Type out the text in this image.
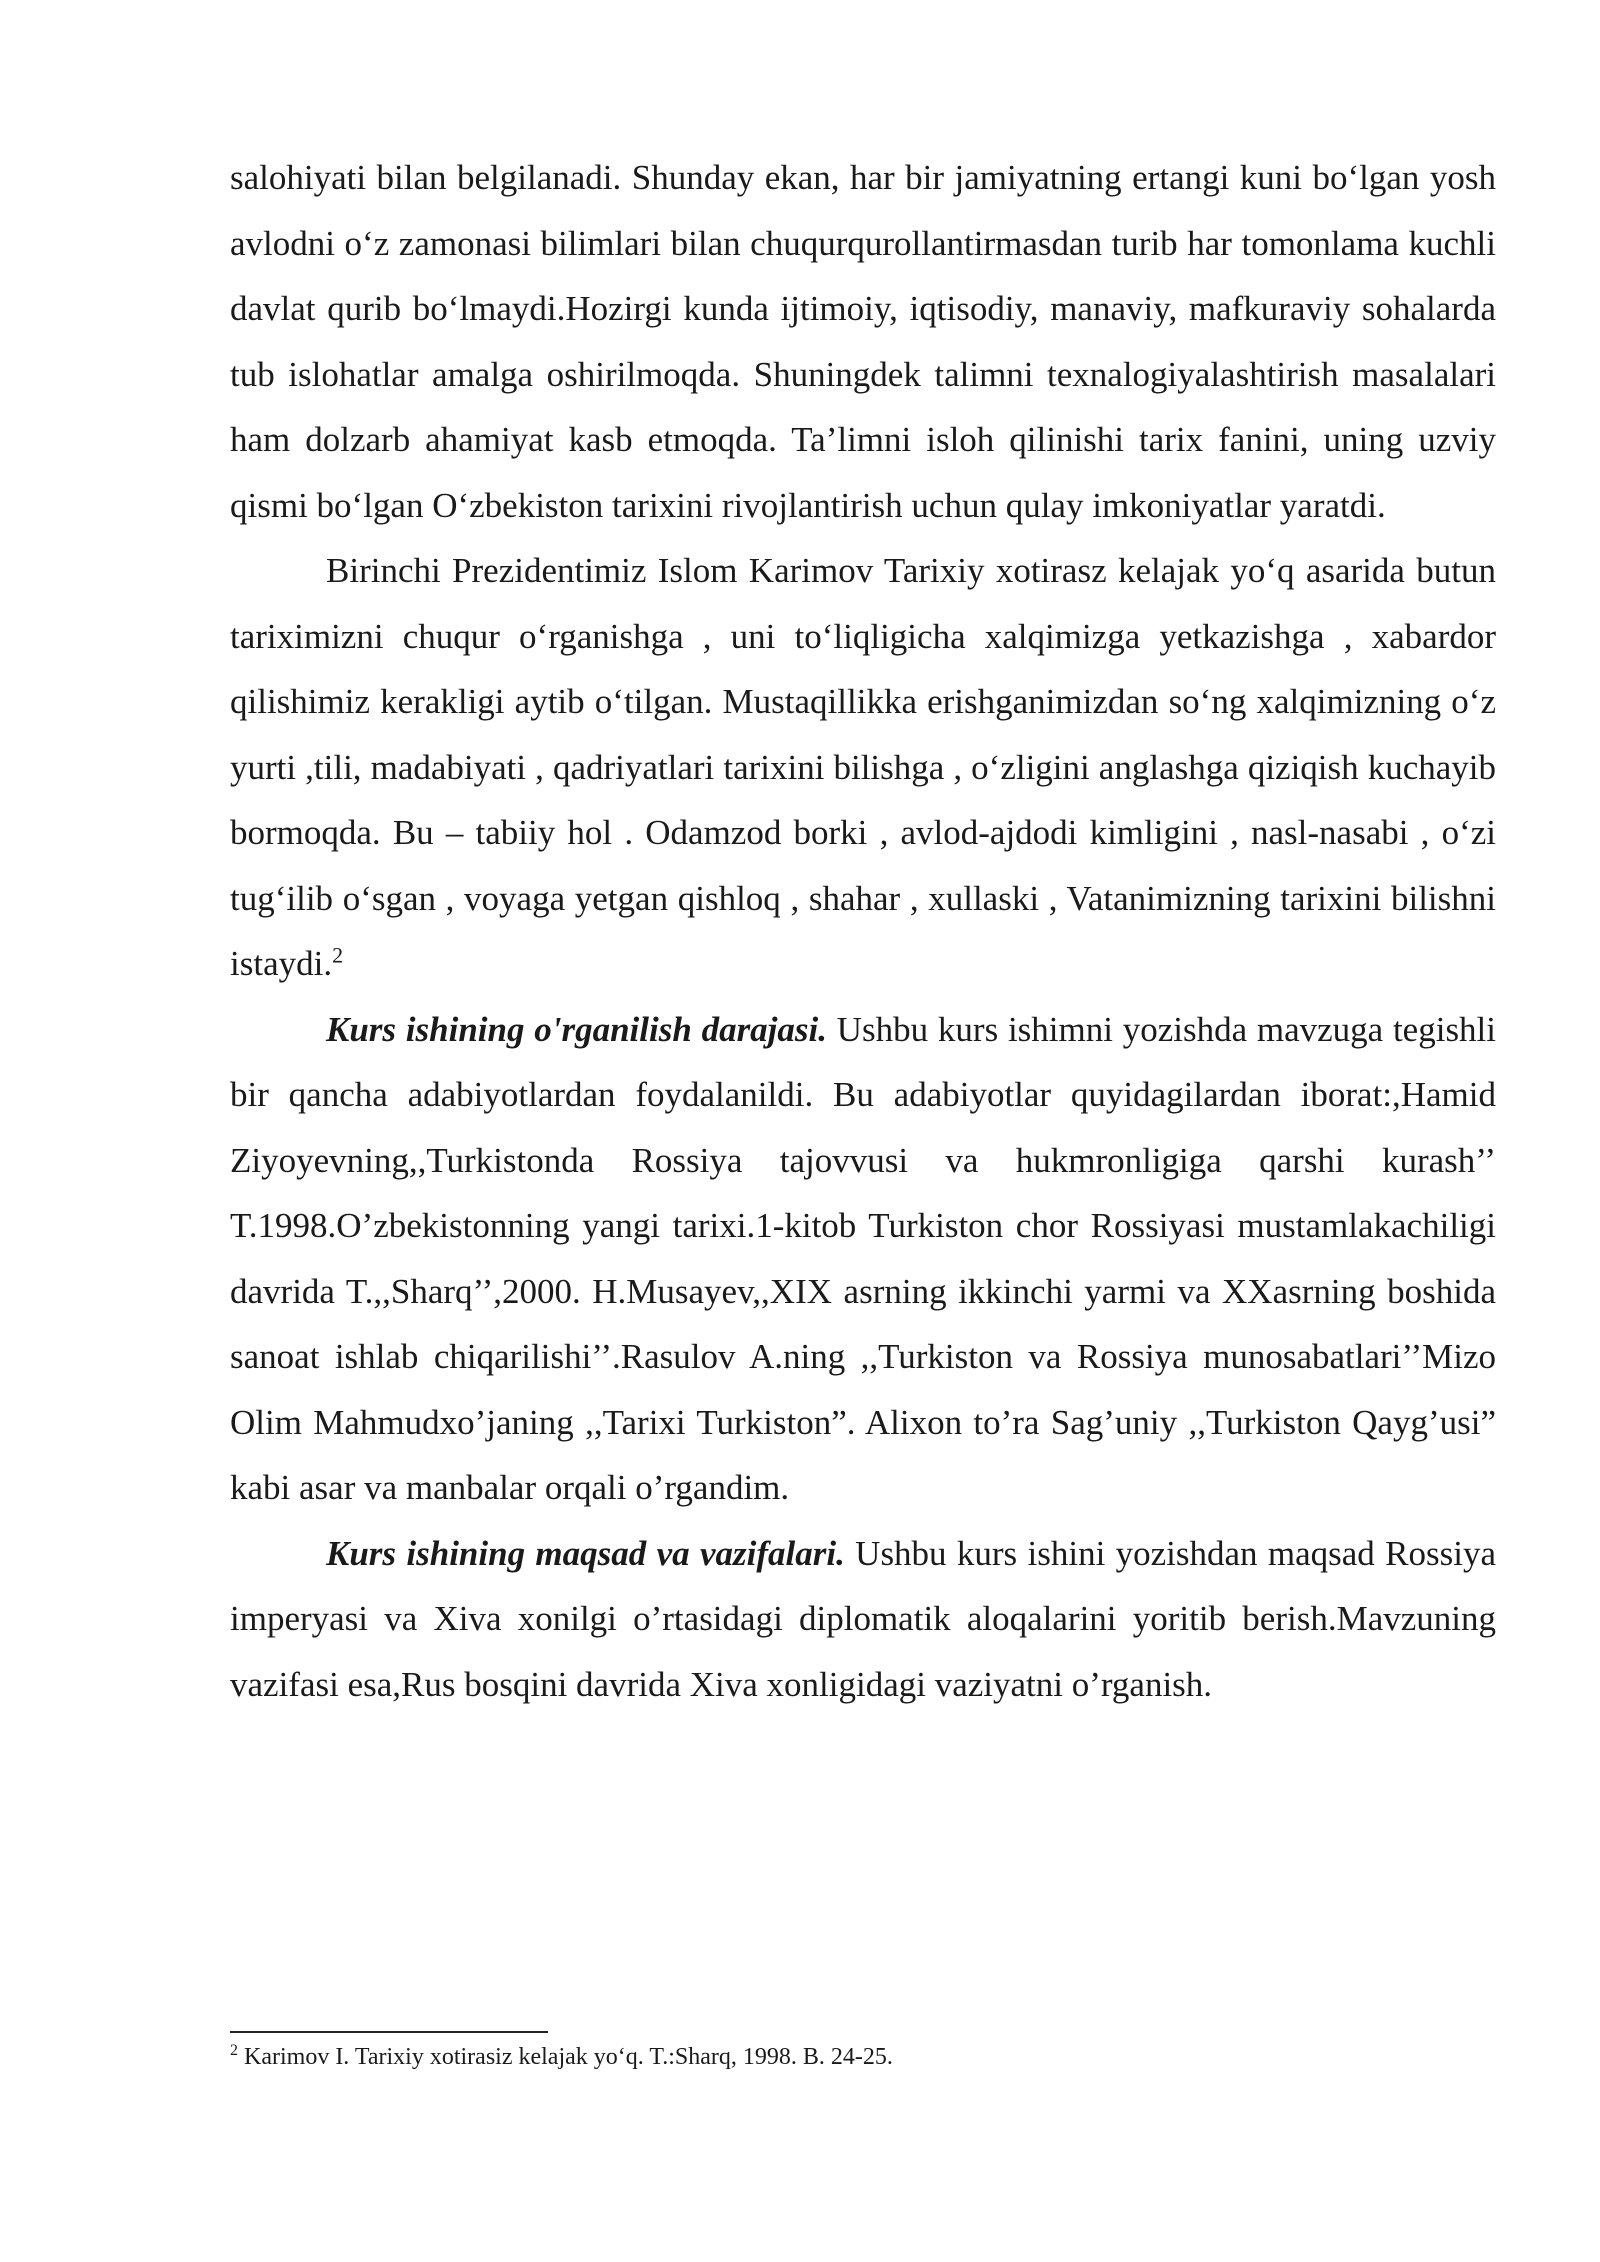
salohiyati bilan belgilanadi. Shunday ekan, har bir jamiyatning ertangi kuni bo‘lgan yosh avlodni o‘z zamonasi bilimlari bilan chuqurqurollantirmasdan turib har tomonlama kuchli davlat qurib bo‘lmaydi.Hozirgi kunda ijtimoiy, iqtisodiy, manaviy, mafkuraviy sohalarda tub islohatlar amalga oshirilmoqda. Shuningdek talimni texnalogiyalashtirish masalalari ham dolzarb ahamiyat kasb etmoqda. Ta’limni isloh qilinishi tarix fanini, uning uzviy qismi bo‘lgan O‘zbekiston tarixini rivojlantirish uchun qulay imkoniyatlar yaratdi.

Birinchi Prezidentimiz Islom Karimov Tarixiy xotirasz kelajak yo‘q asarida butun tariximizni chuqur o‘rganishga , uni to‘liqligicha xalqimizga yetkazishga , xabardor qilishimiz kerakligi aytib o‘tilgan. Mustaqillikka erishganimizdan so‘ng xalqimizning o‘z yurti ,tili, madabiyati , qadriyatlari tarixini bilishga , o‘zligini anglashga qiziqish kuchayib bormoqda. Bu – tabiiy hol . Odamzod borki , avlod-ajdodi kimligini , nasl-nasabi , o‘zi tug‘ilib o‘sgan , voyaga yetgan qishloq , shahar , xullaski , Vatanimizning tarixini bilishni istaydi.$^2$

Kurs ishining o'rganilish darajasi. Ushbu kurs ishimni yozishda mavzuga tegishli bir qancha adabiyotlardan foydalanildi. Bu adabiyotlar quyidagilardan iborat:,Hamid Ziyoyevning,,Turkistonda Rossiya tajovvusi va hukmronligiga qarshi kurash’’ T.1998.O’zbekistonning yangi tarixi.1-kitob Turkiston chor Rossiyasi mustamlakachiligi davrida T.,,Sharq’’,2000. H.Musayev,,XIX asrning ikkinchi yarmi va XXasrning boshida sanoat ishlab chiqarilishi’’.Rasulov A.ning ,,Turkiston va Rossiya munosabatlari’’Mizo Olim Mahmudxo’janing ,,Tarixi Turkiston”. Alixon to’ra Sag’uniy ,,Turkiston Qayg’usi” kabi asar va manbalar orqali o’rgandim.

Kurs ishining maqsad va vazifalari. Ushbu kurs ishini yozishdan maqsad Rossiya imperyasi va Xiva xonilgi o’rtasidagi diplomatik aloqalarini yoritib berish.Mavzuning vazifasi esa,Rus bosqini davrida Xiva xonligidagi vaziyatni o’rganish.

$^2$ Karimov I. Tarixiy xotirasiz kelajak yo‘q. T.:Sharq, 1998. B. 24-25.
